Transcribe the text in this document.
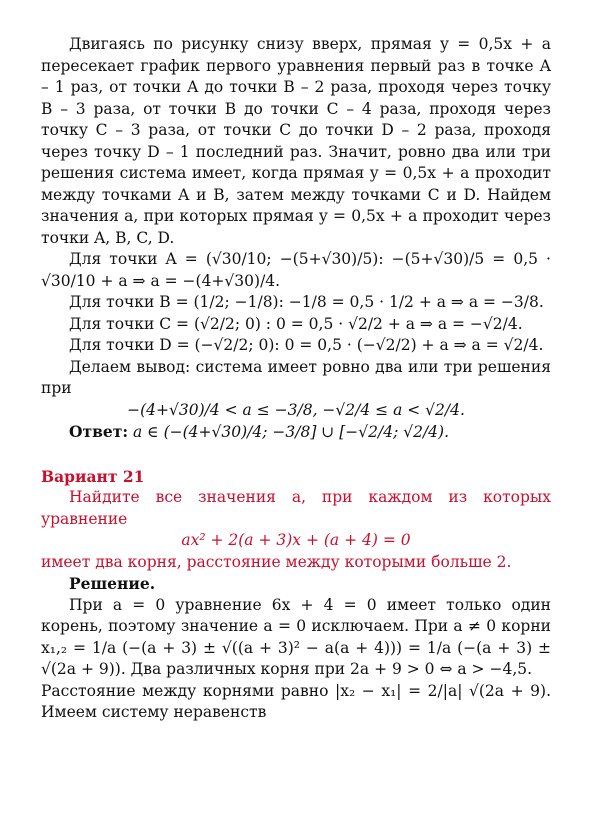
Двигаясь по рисунку снизу вверх, прямая y = 0,5x + a пересекает график первого уравнения первый раз в точке A – 1 раз, от точки A до точки B – 2 раза, проходя через точку B – 3 раза, от точки B до точки C – 4 раза, проходя через точку C – 3 раза, от точки C до точки D – 2 раза, проходя через точку D – 1 последний раз. Значит, ровно два или три решения система имеет, когда прямая y = 0,5x + a проходит между точками A и B, затем между точками C и D. Найдем значения a, при которых прямая y = 0,5x + a проходит через точки A, B, C, D.

Для точки A = (√30/10; −(5+√30)/5): −(5+√30)/5 = 0,5 · √30/10 + a ⇒ a = −(4+√30)/4.

Для точки B = (1/2; −1/8): −1/8 = 0,5 · 1/2 + a ⇒ a = −3/8.

Для точки C = (√2/2; 0) : 0 = 0,5 · √2/2 + a ⇒ a = −√2/4.

Для точки D = (−√2/2; 0): 0 = 0,5 · (−√2/2) + a ⇒ a = √2/4.

Делаем вывод: система имеет ровно два или три решения при

−(4+√30)/4 < a ≤ −3/8, −√2/4 ≤ a < √2/4.

Ответ: a ∈ (−(4+√30)/4; −3/8] ∪ [−√2/4; √2/4).

Вариант 21

Найдите все значения a, при каждом из которых уравнение

ax² + 2(a + 3)x + (a + 4) = 0

имеет два корня, расстояние между которыми больше 2.

Решение.

При a = 0 уравнение 6x + 4 = 0 имеет только один корень, поэтому значение a = 0 исключаем. При a ≠ 0 корни x₁,₂ = 1/a (−(a + 3) ± √((a + 3)² − a(a + 4))) = 1/a (−(a + 3) ± √(2a + 9)). Два различных корня при 2a + 9 > 0 ⇔ a > −4,5.

Расстояние между корнями равно |x₂ − x₁| = 2/|a| √(2a + 9). Имеем систему неравенств
